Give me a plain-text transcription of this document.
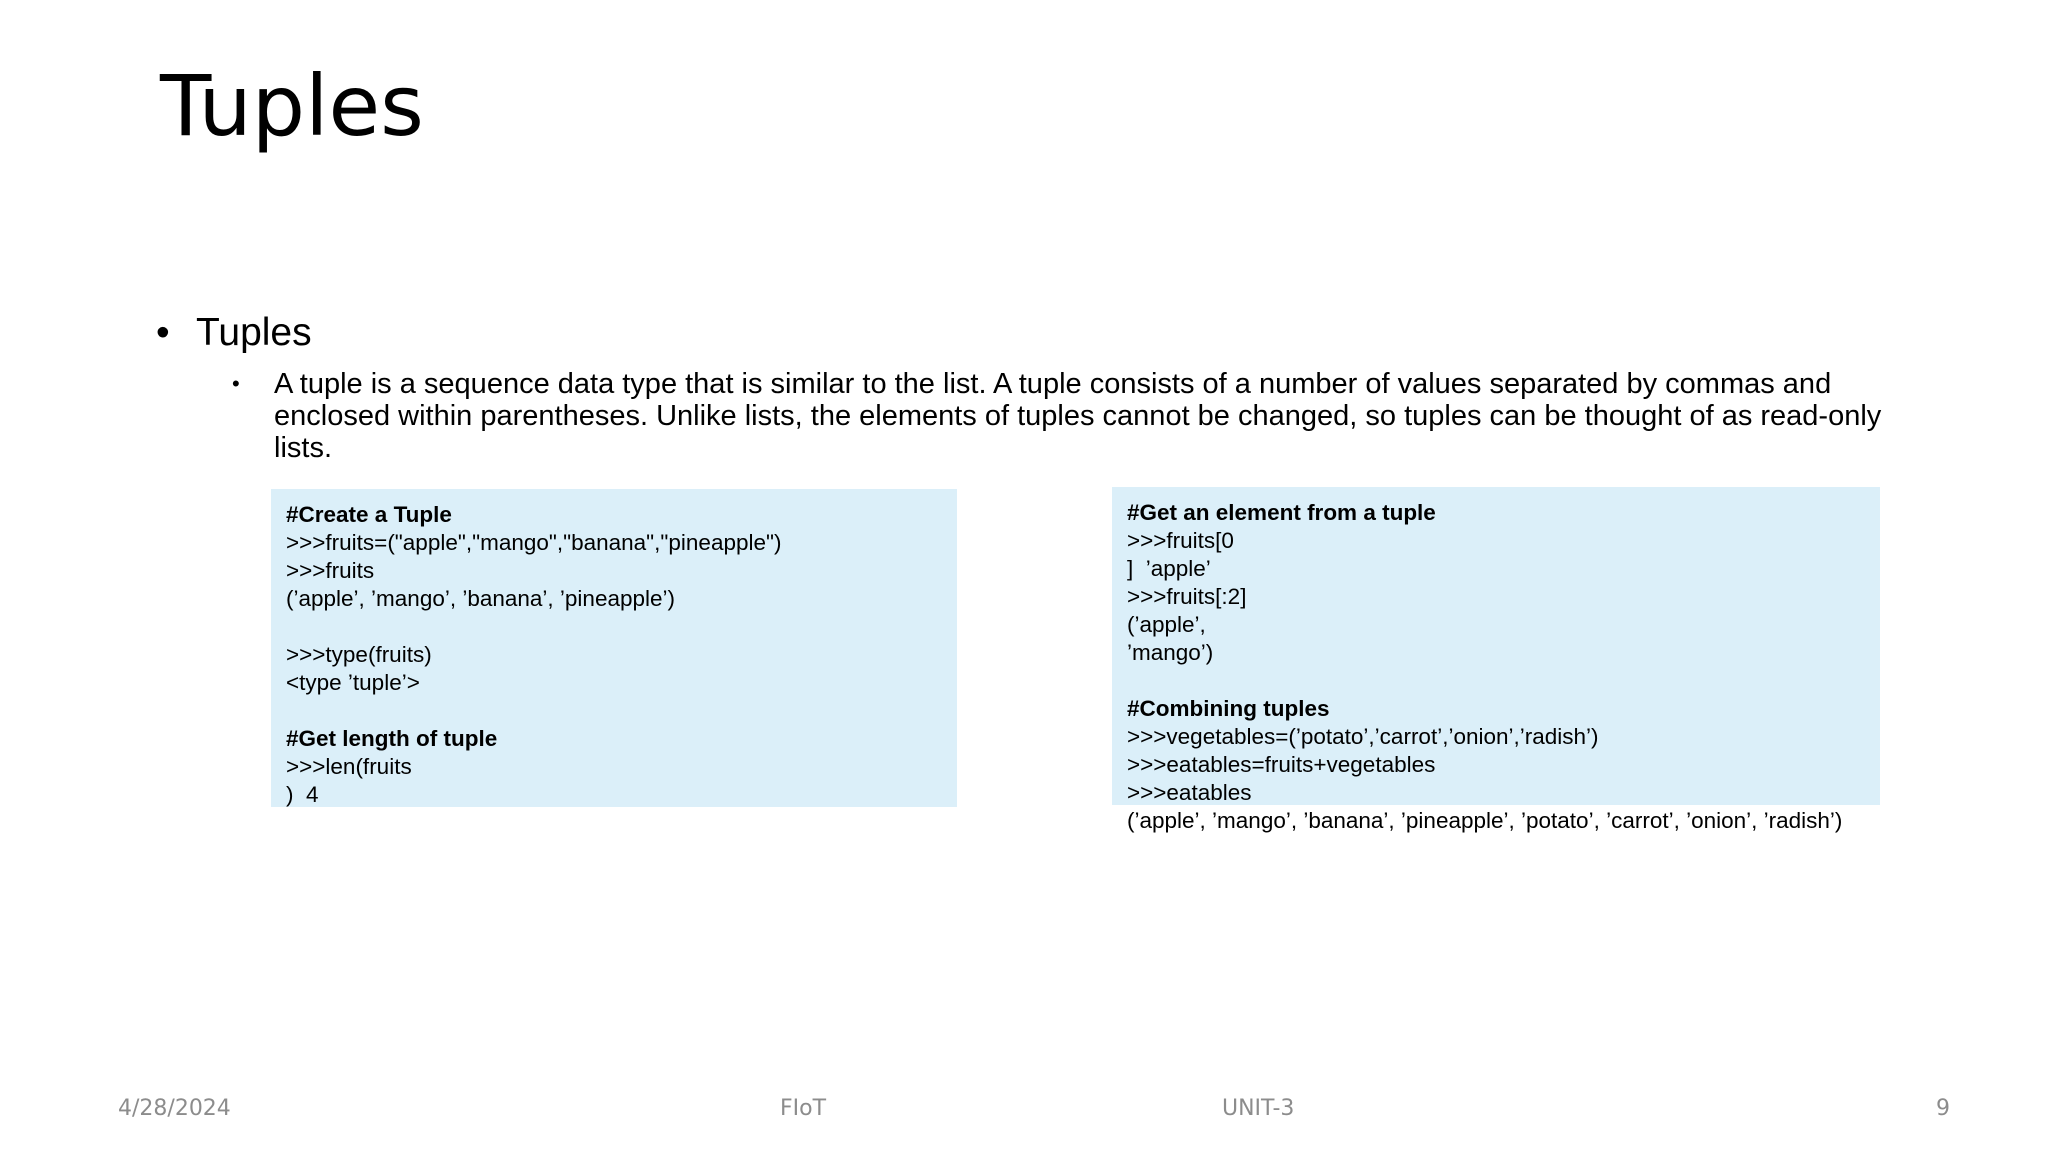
Tuples
• Tuples
•	A tuple is a sequence data type that is similar to the list. A tuple consists of a number of values separated by commas and enclosed within parentheses. Unlike lists, the elements of tuples cannot be changed, so tuples can be thought of as read-only lists.
#Create a Tuple
>>>fruits=("apple","mango","banana","pineapple")
>>>fruits
(’apple’, ’mango’, ’banana’, ’pineapple’)
>>>type(fruits)
<type ’tuple’>
#Get length of tuple
>>>len(fruits
)  4
#Get an element from a tuple
>>>fruits[0
]  ’apple’
>>>fruits[:2]
(’apple’,
’mango’)
#Combining tuples
>>>vegetables=(’potato’,’carrot’,’onion’,’radish’)
>>>eatables=fruits+vegetables
>>>eatables
(’apple’, ’mango’, ’banana’, ’pineapple’, ’potato’, ’carrot’, ’onion’, ’radish’)
4/28/2024	FIoT	UNIT-3	9
